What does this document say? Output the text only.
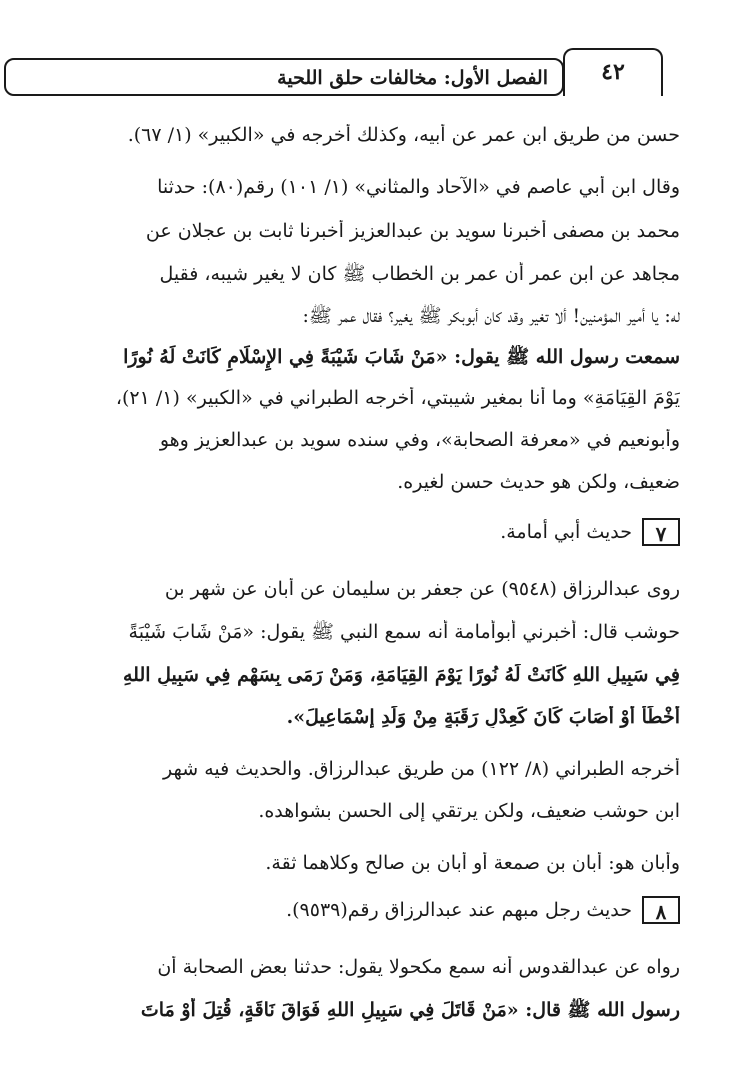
الفصل الأول: مخالفات حلق اللحية	٤٢
حسن من طريق ابن عمر عن أبيه، وكذلك أخرجه في «الكبير» (١/ ٦٧).
وقال ابن أبي عاصم في «الآحاد والمثاني» (١/ ١٠١) رقم(٨٠): حدثنا
محمد بن مصفى أخبرنا سويد بن عبدالعزيز أخبرنا ثابت بن عجلان عن
مجاهد عن ابن عمر أن عمر بن الخطاب ﷺ كان لا يغير شيبه، فقيل
له: يا أمير المؤمنين! ألا تغير وقد كان أبوبكر ﷺ يغير؟ فقال عمر ﷺ:
سمعت رسول الله ﷺ يقول: «مَنْ شَابَ شَيْبَةً فِي الإِسْلَامِ كَانَتْ لَهُ نُورًا
يَوْمَ القِيَامَةِ» وما أنا بمغير شيبتي، أخرجه الطبراني في «الكبير» (١/ ٢١)،
وأبونعيم في «معرفة الصحابة»، وفي سنده سويد بن عبدالعزيز وهو
ضعيف، ولكن هو حديث حسن لغيره.
٧
حديث أبي أمامة.
روى عبدالرزاق (٩٥٤٨) عن جعفر بن سليمان عن أبان عن شهر بن
حوشب قال: أخبرني أبوأمامة أنه سمع النبي ﷺ يقول: «مَنْ شَابَ شَيْبَةً
فِي سَبِيلِ اللهِ كَانَتْ لَهُ نُورًا يَوْمَ القِيَامَةِ، وَمَنْ رَمَى بِسَهْمٍ فِي سَبِيلِ اللهِ
أَخْطَأَ أَوْ أَصَابَ كَانَ كَعِدْلِ رَقَبَةٍ مِنْ وَلَدِ إِسْمَاعِيلَ».
أخرجه الطبراني (٨/ ١٢٢) من طريق عبدالرزاق. والحديث فيه شهر
ابن حوشب ضعيف، ولكن يرتقي إلى الحسن بشواهده.
وأبان هو: أبان بن صمعة أو أبان بن صالح وكلاهما ثقة.
٨
حديث رجل مبهم عند عبدالرزاق رقم(٩٥٣٩).
رواه عن عبدالقدوس أنه سمع مكحولا يقول: حدثنا بعض الصحابة أن
رسول الله ﷺ قال: «مَنْ قَاتَلَ فِي سَبِيلِ اللهِ فَوَاقَ نَاقَةٍ، قُتِلَ أَوْ مَاتَ
